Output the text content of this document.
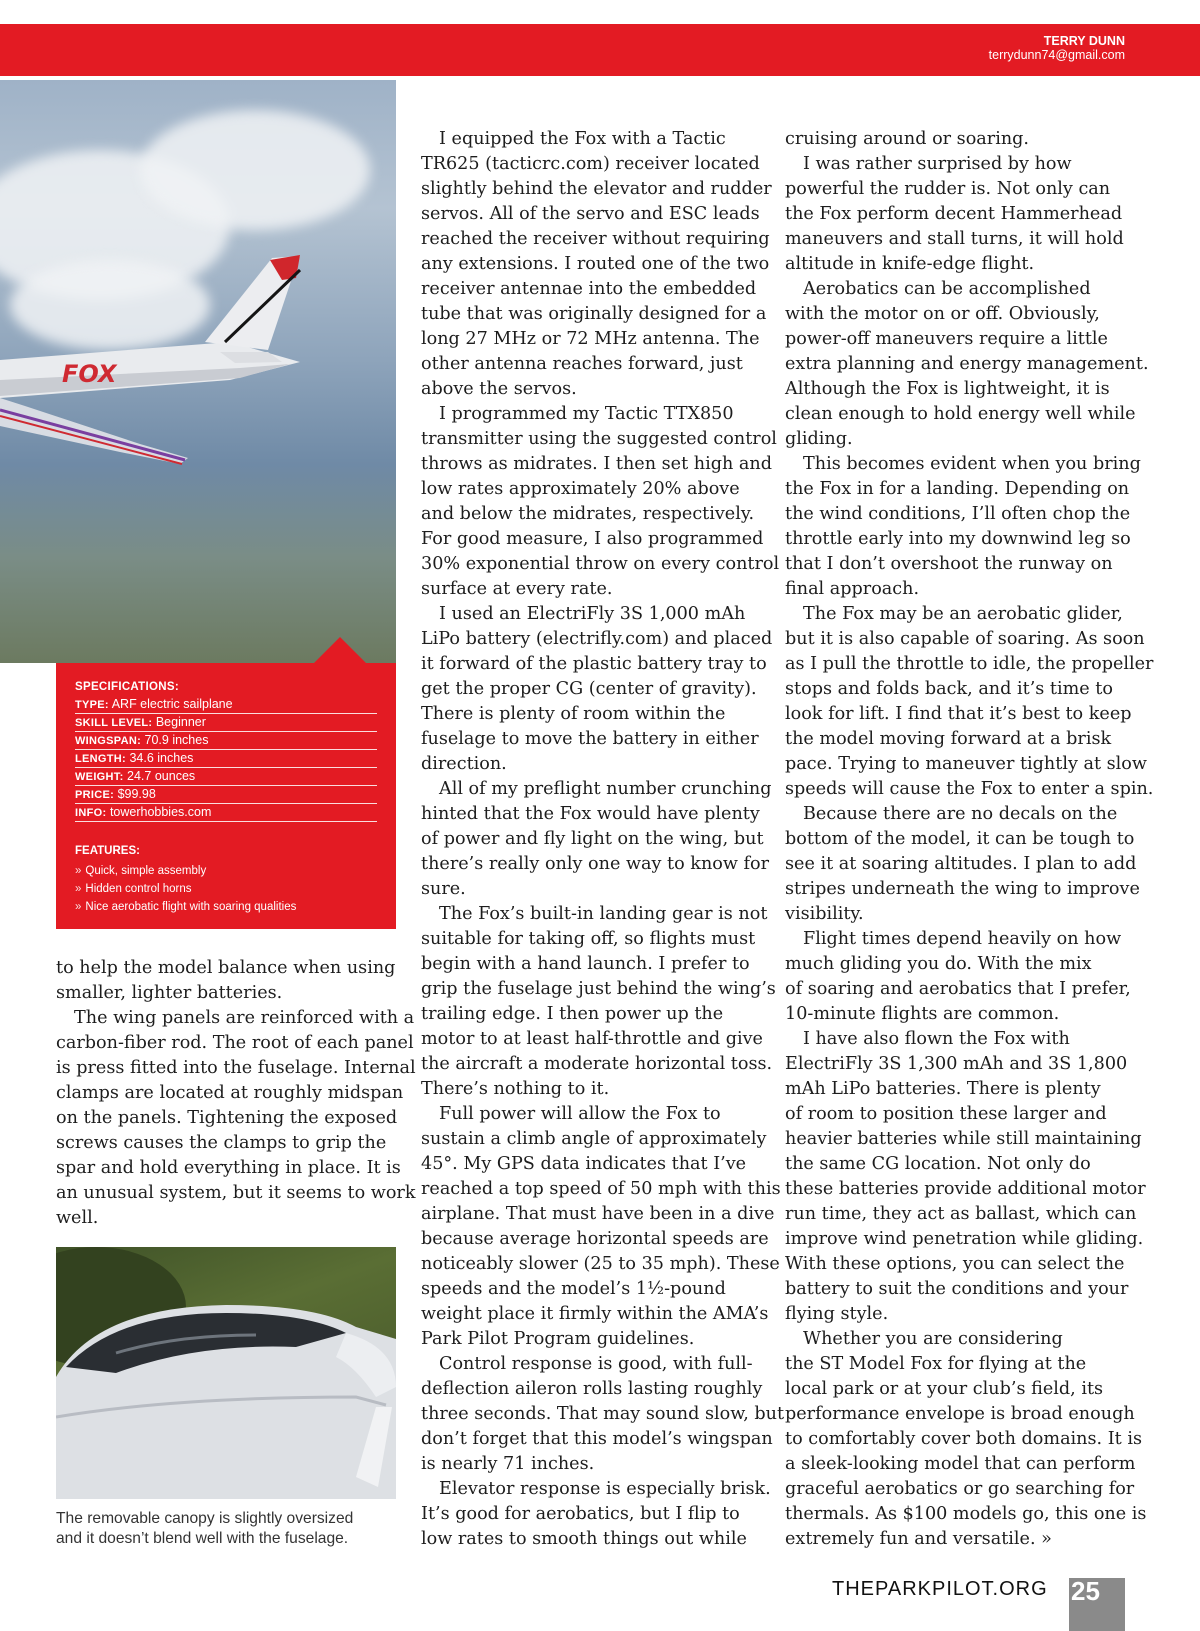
TERRY DUNN
terrydunn74@gmail.com
FOX
SPECIFICATIONS:
TYPE: ARF electric sailplane
SKILL LEVEL: Beginner
WINGSPAN: 70.9 inches
LENGTH: 34.6 inches
WEIGHT: 24.7 ounces
PRICE: $99.98
INFO: towerhobbies.com
FEATURES:
» Quick, simple assembly
» Hidden control horns
» Nice aerobatic flight with soaring qualities

to help the model balance when using
smaller, lighter batteries.

The wing panels are reinforced with a
carbon-fiber rod. The root of each panel
is press fitted into the fuselage. Internal
clamps are located at roughly midspan
on the panels. Tightening the exposed
screws causes the clamps to grip the
spar and hold everything in place. It is
an unusual system, but it seems to work
well.

The removable canopy is slightly oversized
and it doesn’t blend well with the fuselage.

I equipped the Fox with a Tactic
TR625 (tacticrc.com) receiver located
slightly behind the elevator and rudder
servos. All of the servo and ESC leads
reached the receiver without requiring
any extensions. I routed one of the two
receiver antennae into the embedded
tube that was originally designed for a
long 27 MHz or 72 MHz antenna. The
other antenna reaches forward, just
above the servos.

I programmed my Tactic TTX850
transmitter using the suggested control
throws as midrates. I then set high and
low rates approximately 20% above
and below the midrates, respectively.
For good measure, I also programmed
30% exponential throw on every control
surface at every rate.

I used an ElectriFly 3S 1,000 mAh
LiPo battery (electrifly.com) and placed
it forward of the plastic battery tray to
get the proper CG (center of gravity).
There is plenty of room within the
fuselage to move the battery in either
direction.

All of my preflight number crunching
hinted that the Fox would have plenty
of power and fly light on the wing, but
there’s really only one way to know for
sure.

The Fox’s built-in landing gear is not
suitable for taking off, so flights must
begin with a hand launch. I prefer to
grip the fuselage just behind the wing’s
trailing edge. I then power up the
motor to at least half-throttle and give
the aircraft a moderate horizontal toss.
There’s nothing to it.

Full power will allow the Fox to
sustain a climb angle of approximately
45°. My GPS data indicates that I’ve
reached a top speed of 50 mph with this
airplane. That must have been in a dive
because average horizontal speeds are
noticeably slower (25 to 35 mph). These
speeds and the model’s 1¹⁄₂-pound
weight place it firmly within the AMA’s
Park Pilot Program guidelines.

Control response is good, with full-
deflection aileron rolls lasting roughly
three seconds. That may sound slow, but
don’t forget that this model’s wingspan
is nearly 71 inches.

Elevator response is especially brisk.
It’s good for aerobatics, but I flip to
low rates to smooth things out while

cruising around or soaring.

I was rather surprised by how
powerful the rudder is. Not only can
the Fox perform decent Hammerhead
maneuvers and stall turns, it will hold
altitude in knife-edge flight.

Aerobatics can be accomplished
with the motor on or off. Obviously,
power-off maneuvers require a little
extra planning and energy management.
Although the Fox is lightweight, it is
clean enough to hold energy well while
gliding.

This becomes evident when you bring
the Fox in for a landing. Depending on
the wind conditions, I’ll often chop the
throttle early into my downwind leg so
that I don’t overshoot the runway on
final approach.

The Fox may be an aerobatic glider,
but it is also capable of soaring. As soon
as I pull the throttle to idle, the propeller
stops and folds back, and it’s time to
look for lift. I find that it’s best to keep
the model moving forward at a brisk
pace. Trying to maneuver tightly at slow
speeds will cause the Fox to enter a spin.

Because there are no decals on the
bottom of the model, it can be tough to
see it at soaring altitudes. I plan to add
stripes underneath the wing to improve
visibility.

Flight times depend heavily on how
much gliding you do. With the mix
of soaring and aerobatics that I prefer,
10-minute flights are common.

I have also flown the Fox with
ElectriFly 3S 1,300 mAh and 3S 1,800
mAh LiPo batteries. There is plenty
of room to position these larger and
heavier batteries while still maintaining
the same CG location. Not only do
these batteries provide additional motor
run time, they act as ballast, which can
improve wind penetration while gliding.
With these options, you can select the
battery to suit the conditions and your
flying style.

Whether you are considering
the ST Model Fox for flying at the
local park or at your club’s field, its
performance envelope is broad enough
to comfortably cover both domains. It is
a sleek-looking model that can perform
graceful aerobatics or go searching for
thermals. As $100 models go, this one is
extremely fun and versatile. »

THEPARKPILOT.ORG 25
